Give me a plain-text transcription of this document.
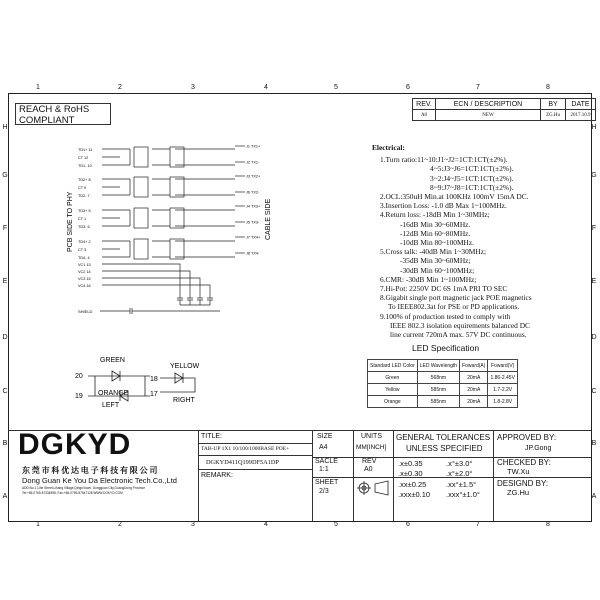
1	2	3	4	5	6	7	8
1	2	3	4	5	6	7	8
H
G
F
E
D
C
B
A
H
G
F
E
D
C
B
A
REACH & RoHS
COMPLIANT
REV.	ECN / DESCRIPTION	BY	DATE
A0	NEW	ZG.Hu	2017.10.9
PCB SIDE TO PHY	CABLE SIDE
SHIELD
GREEN
ORANGE
LEFT
20
19
YELLOW
RIGHT
18
17
TD1+ 11
CT 12
TD1- 10
TD2+ 8
CT 9
TD2- 7
TD3+ 5
CT 1
TD3- 6
TD4+ 2
CT 3
TD4- 4
VC1 13
VC2 14
VC3 15
VC4 16
J1 TX1+
J2 TX1-
J3 TX2+
J6 TX2-
J4 TX3+
J5 TX3-
J7 TX4+
J8 TX4-
Electrical:
1.Turn ratio:11~10:J1~J2=1CT:1CT(±2%).
4~5:J3~J6=1CT:1CT(±2%).
3~2:J4~J5=1CT:1CT(±2%).
8~9:J7~J8=1CT:1CT(±2%).
2.OCL:350uH Min.at 100KHz 100mV 15mA DC.
3.Insertion Loss: -1.0 dB Max 1~100MHz.
4.Return loss: -18dB Min 1~30MHz;
-16dB Min 30~60MHz.
-12dB Min 60~80MHz.
-10dB Min 80~100MHz.
5.Cross talk: -40dB Min 1~30MHz;
-35dB Min 30~60MHz;
-30dB Min 60~100MHz;
6.CMR: -30dB Min 1~100MHz;
7.Hi-Pot: 2250V DC 6S 1mA PRI TO SEC
8.Gigabit single port magnetic jack POE magnetics
To IEEE802.3at for PSE or PD applications.
9.100% of production tested to comply with
IEEE 802.3 isolation equirements balanced DC
line current 720mA max. 57V DC continuous.
LED Specification
Standard LED Color	LED Wavelength	Foward(A)	Foward(V)
Green	568nm	20mA	1.86-2.45V
Yellow	585nm	20mA	1.7-2.2V
Orange	585nm	20mA	1.8-2.8V
DGKYD
东莞市科优达电子科技有限公司
Dong Guan Ke You Da Electronic Tech.Co.,Ltd
ADD:No.1 Lihe Street,Lihang Village,Qingxi town, Dongguan City,GuangDong Province
Tel:+86-0769-87334898, Fax:+86-0769-87647128 WWW.DGKYD.COM
TITLE:
TAB-UP 1X1 10/100/1000BASE POE+
DGKYD411Q199DF5A1DP
REMARK:
SIZE
A4
SACLE
1:1
SHEET
2/3
UNITS
MM[INCH]
REV
A0
GENERAL TOLERANCES
UNLESS SPECIFIED
.x±0.35	.x°±3.0°
.x±0.30	.x°±2.0°
.xx±0.25	.xx°±1.5°
.xxx±0.10 .xxx°±1.0°
APPROVED BY:
JP.Gong
CHECKED BY:
TW.Xu
DESIGND BY:
ZG.Hu
